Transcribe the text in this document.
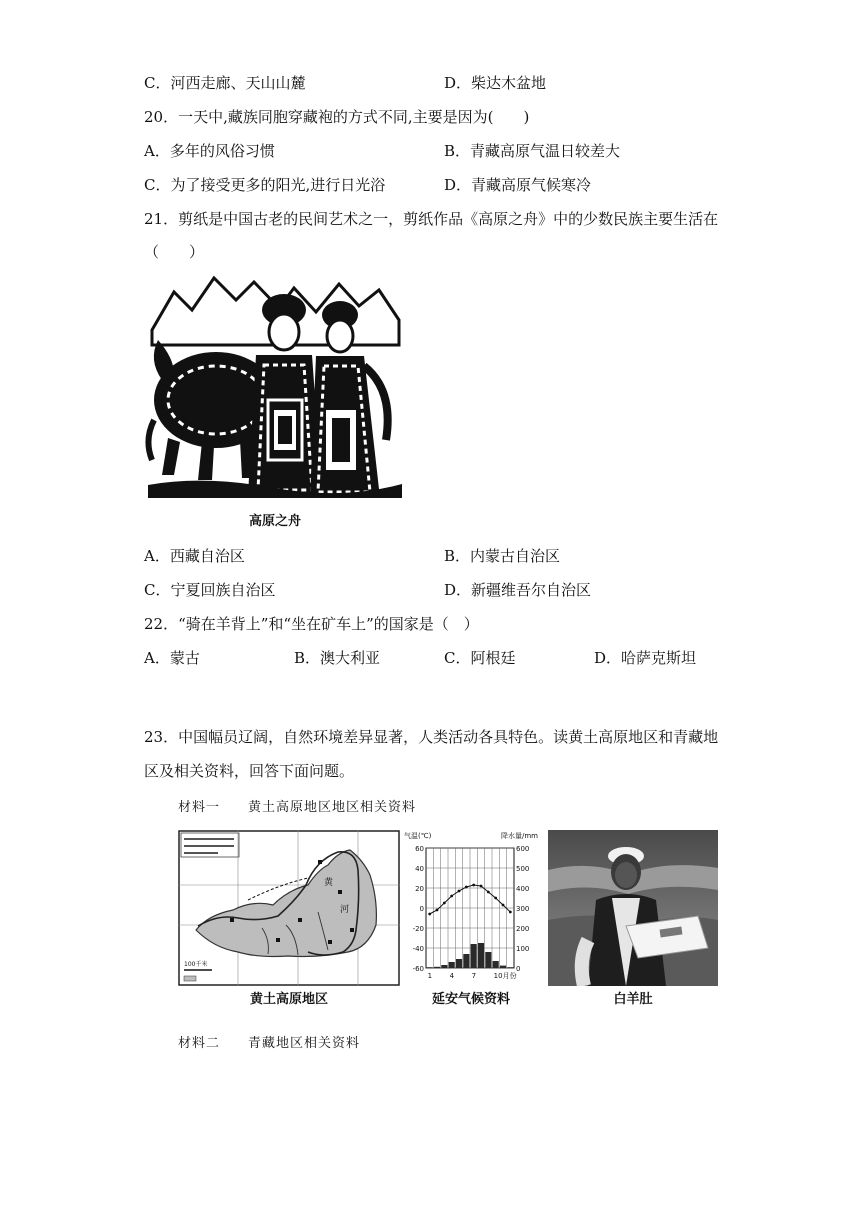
C．河西走廊、天山山麓	D．柴达木盆地
20．一天中,藏族同胞穿藏袍的方式不同,主要是因为(　　)
A．多年的风俗习惯	B．青藏高原气温日较差大
C．为了接受更多的阳光,进行日光浴	D．青藏高原气候寒冷
21．剪纸是中国古老的民间艺术之一，剪纸作品《高原之舟》中的少数民族主要生活在
（　　）
高原之舟
A．西藏自治区	B．内蒙古自治区
C．宁夏回族自治区	D．新疆维吾尔自治区
22．“骑在羊背上”和“坐在矿车上”的国家是（　）
A．蒙古	B．澳大利亚	C．阿根廷	D．哈萨克斯坦
23．中国幅员辽阔，自然环境差异显著，人类活动各具特色。读黄土高原地区和青藏地
区及相关资料，回答下面问题。
材料一　　黄土高原地区地区相关资料
黄
河
100千米
黄土高原地区
气温(℃)	降水量/mm
60	600
40	500
20	400
0	300
-20	200
-40	100
-60	0
1	4	7	10月份
延安气候资料	白羊肚
材料二　　青藏地区相关资料
